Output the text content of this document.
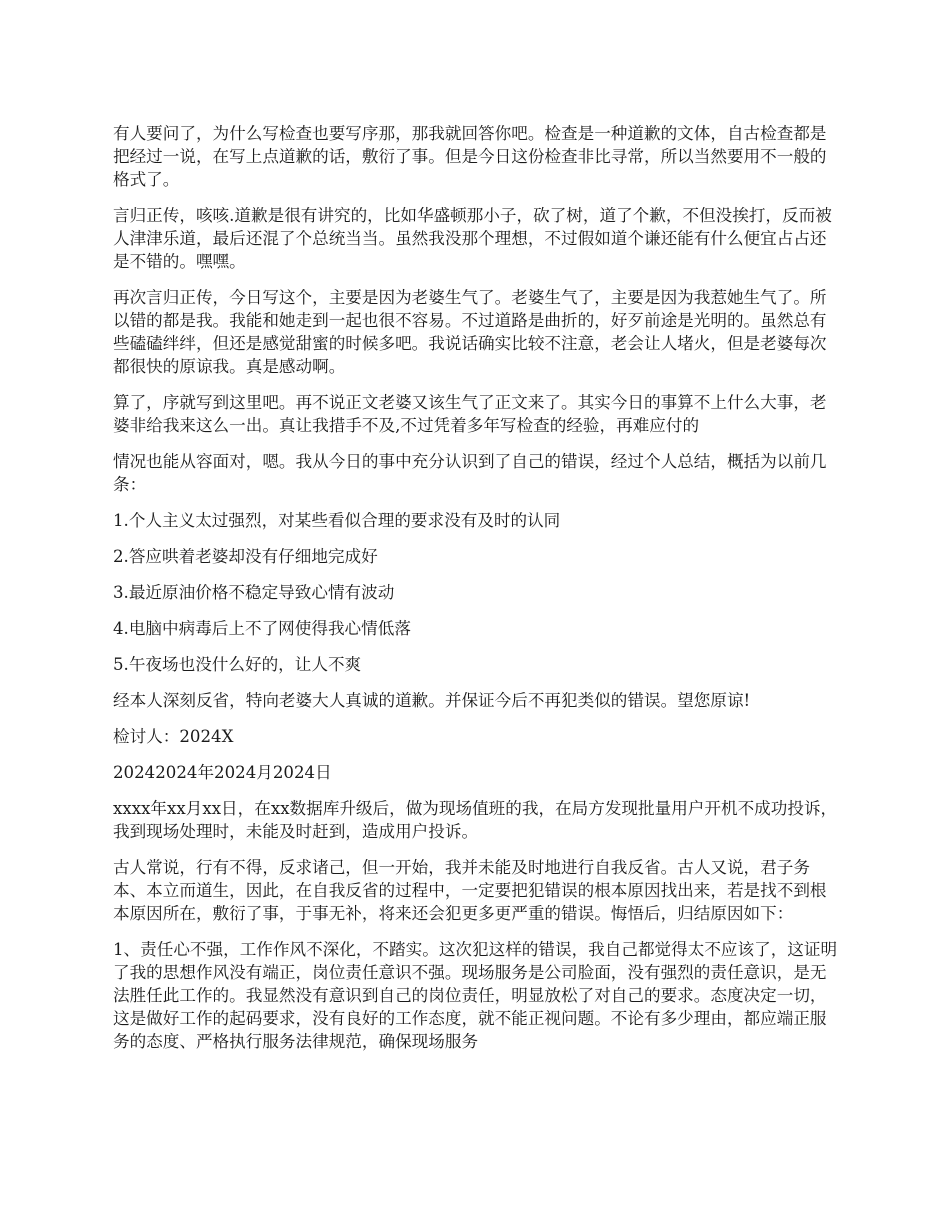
有人要问了，为什么写检查也要写序那，那我就回答你吧。检查是一种道歉的文体，自古检查都是把经过一说，在写上点道歉的话，敷衍了事。但是今日这份检查非比寻常，所以当然要用不一般的格式了。

言归正传，咳咳.道歉是很有讲究的，比如华盛顿那小子，砍了树，道了个歉，不但没挨打，反而被人津津乐道，最后还混了个总统当当。虽然我没那个理想，不过假如道个谦还能有什么便宜占占还是不错的。嘿嘿。

再次言归正传，今日写这个，主要是因为老婆生气了。老婆生气了，主要是因为我惹她生气了。所以错的都是我。我能和她走到一起也很不容易。不过道路是曲折的，好歹前途是光明的。虽然总有些磕磕绊绊，但还是感觉甜蜜的时候多吧。我说话确实比较不注意，老会让人堵火，但是老婆每次都很快的原谅我。真是感动啊。

算了，序就写到这里吧。再不说正文老婆又该生气了正文来了。其实今日的事算不上什么大事，老婆非给我来这么一出。真让我措手不及,不过凭着多年写检查的经验，再难应付的

情况也能从容面对，嗯。我从今日的事中充分认识到了自己的错误，经过个人总结，概括为以前几条：

1.个人主义太过强烈，对某些看似合理的要求没有及时的认同

2.答应哄着老婆却没有仔细地完成好

3.最近原油价格不稳定导致心情有波动

4.电脑中病毒后上不了网使得我心情低落

5.午夜场也没什么好的，让人不爽

经本人深刻反省，特向老婆大人真诚的道歉。并保证今后不再犯类似的错误。望您原谅!

检讨人：2024X

20242024年2024月2024日

xxxx年xx月xx日，在xx数据库升级后，做为现场值班的我，在局方发现批量用户开机不成功投诉，我到现场处理时，未能及时赶到，造成用户投诉。

古人常说，行有不得，反求诸己，但一开始，我并未能及时地进行自我反省。古人又说，君子务本、本立而道生，因此，在自我反省的过程中，一定要把犯错误的根本原因找出来，若是找不到根本原因所在，敷衍了事，于事无补，将来还会犯更多更严重的错误。悔悟后，归结原因如下：

1、责任心不强，工作作风不深化，不踏实。这次犯这样的错误，我自己都觉得太不应该了，这证明了我的思想作风没有端正，岗位责任意识不强。现场服务是公司脸面，没有强烈的责任意识，是无法胜任此工作的。我显然没有意识到自己的岗位责任，明显放松了对自己的要求。态度决定一切，这是做好工作的起码要求，没有良好的工作态度，就不能正视问题。不论有多少理由，都应端正服务的态度、严格执行服务法律规范，确保现场服务
